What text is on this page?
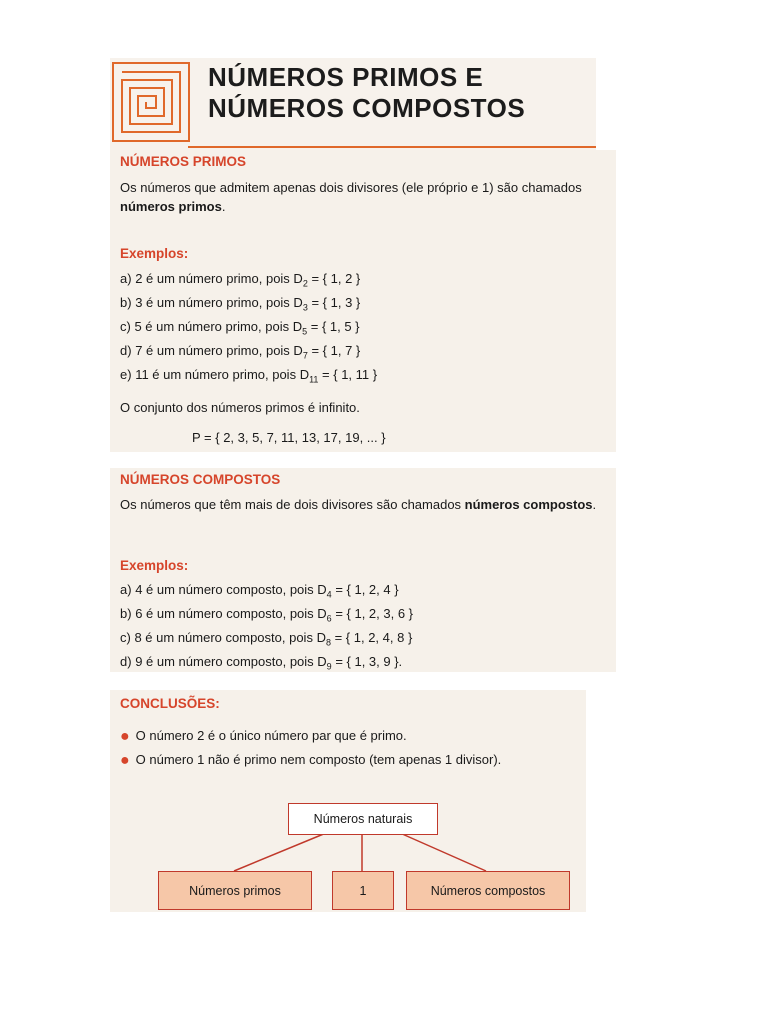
NÚMEROS PRIMOS E
NÚMEROS COMPOSTOS
NÚMEROS PRIMOS
Os números que admitem apenas dois divisores (ele próprio e 1) são chamados números primos.
Exemplos:
a) 2 é um número primo, pois $D_2$ = { 1, 2 }
b) 3 é um número primo, pois $D_3$ = { 1, 3 }
c) 5 é um número primo, pois $D_5$ = { 1, 5 }
d) 7 é um número primo, pois $D_7$ = { 1, 7 }
e) 11 é um número primo, pois $D_{11}$ = { 1, 11 }
O conjunto dos números primos é infinito.
P = { 2, 3, 5, 7, 11, 13, 17, 19, ... }
NÚMEROS COMPOSTOS
Os números que têm mais de dois divisores são chamados números compostos.
Exemplos:
a) 4 é um número composto, pois $D_4$ = { 1, 2, 4 }
b) 6 é um número composto, pois $D_6$ = { 1, 2, 3, 6 }
c) 8 é um número composto, pois $D_8$ = { 1, 2, 4, 8 }
d) 9 é um número composto, pois $D_9$ = { 1, 3, 9 }.
CONCLUSÕES:
● O número 2 é o único número par que é primo.
● O número 1 não é primo nem composto (tem apenas 1 divisor).
Números naturais
Números primos	1	Números compostos
